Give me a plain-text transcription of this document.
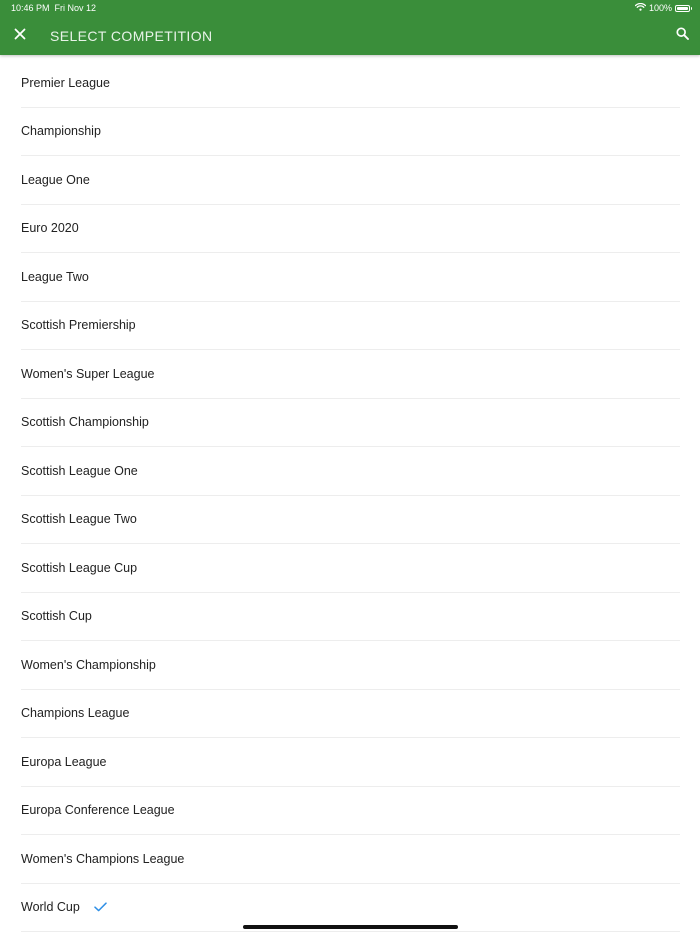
10:46 PM Fri Nov 12	100%
SELECT COMPETITION
Premier League
Championship
League One
Euro 2020
League Two
Scottish Premiership
Women's Super League
Scottish Championship
Scottish League One
Scottish League Two
Scottish League Cup
Scottish Cup
Women's Championship
Champions League
Europa League
Europa Conference League
Women's Champions League
World Cup
